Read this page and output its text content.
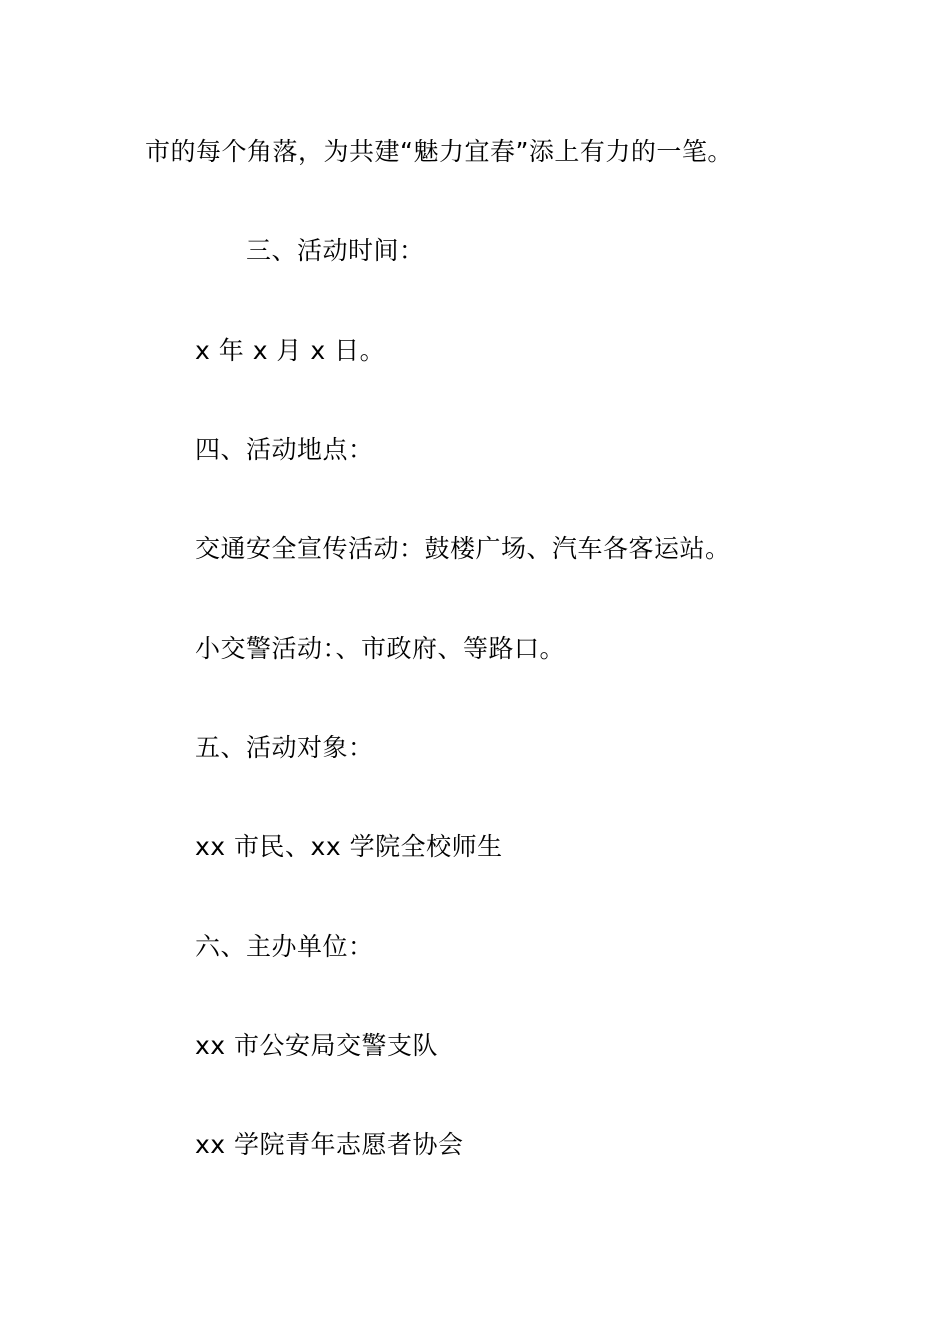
市的每个角落，为共建“魅力宜春”添上有力的一笔。
三、活动时间：
x 年 x 月 x 日。
四、活动地点：
交通安全宣传活动：鼓楼广场、汽车各客运站。
小交警活动：、市政府、等路口。
五、活动对象：
xx 市民、xx 学院全校师生
六、主办单位：
xx 市公安局交警支队
xx 学院青年志愿者协会
